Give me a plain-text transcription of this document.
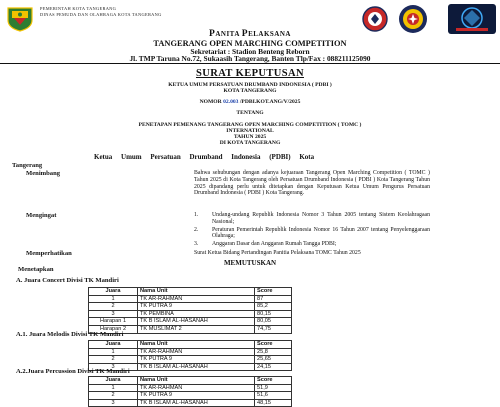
PEMERINTAH KOTA TANGERANG
DINAS PEMUDA DAN OLAHRAGA KOTA TANGERANG
PANITA PELAKSANA
TANGERANG OPEN MARCHING COMPETITION
Sekretariat : Stadion Benteng Reborn
Jl. TMP Taruna No.72, Sukaasih Tangerang, Banten Tlp/Fax : 088211125090
SURAT KEPUTUSAN
KETUA UMUM PERSATUAN DRUMBAND INDONESIA ( PDBI )
KOTA TANGERANG
NOMOR 02.003 /PDBI.KOT.ANG/V/2025
TENTANG
PENETAPAN PEMENANG TANGERANG OPEN MARCHING COMPETITION ( TOMC )
INTERNATIONAL
TAHUN 2025
DI KOTA TANGERANG
Ketua     Umum     Persatuan     Drumband     Indonesia     (PDBI)     Kota
Tangerang
Menimbang	Bahwa sehubungan dengan adanya kejuaraan Tangerang Open Marching Competition ( TOMC ) Tahun 2025 di Kota Tangerang oleh Persatuan Drumband Indonesia ( PDBI ) Kota Tangerang Tahun 2025 dipandang perlu untuk ditetapkan dengan Keputusan Ketua Umum Pengurus Persatuan Drumband Indonesia ( PDBI ) Kota Tangerang.
Mengingat	1.	Undang-undang Republik Indonesia Nomor 3 Tahun 2005 tentang Sistem Keolahragaan Nasional;
2.	Peraturan Pemerintah Republik Indonesia Nomor 16 Tahun 2007 tentang Penyelenggaraan Olahraga;
3.	Anggaran Dasar dan Anggaran Rumah Tangga PDBI;
Memperhatikan	Surat Ketua Bidang Pertandingan Panitia Pelaksana TOMC Tahun 2025
MEMUTUSKAN
Menetapkan
A. Juara Concert Divisi TK Mandiri
Juara	Nama Unit	Score
1	TK AR-RAHMAN	87
2	TK PUTRA 9	85,2
3	TK PEMBINA	80,15
Harapan 1	TK B ISLAM AL-HASANAH	80,05
Harapan 2	TK MUSLIMAT 2	74,75
A.1. Juara Melodis Divisi TK Mandiri
Juara	Nama Unit	Score
1	TK AR-RAHMAN	25,8
2	TK PUTRA 9	25,65
3	TK B ISLAM AL-HASANAH	24,15
A.2.Juara Percussion Divisi TK Mandiri
Juara	Nama Unit	Score
1	TK AR-RAHMAN	51,9
2	TK PUTRA 9	51,6
3	TK B ISLAM AL-HASANAH	48,15
